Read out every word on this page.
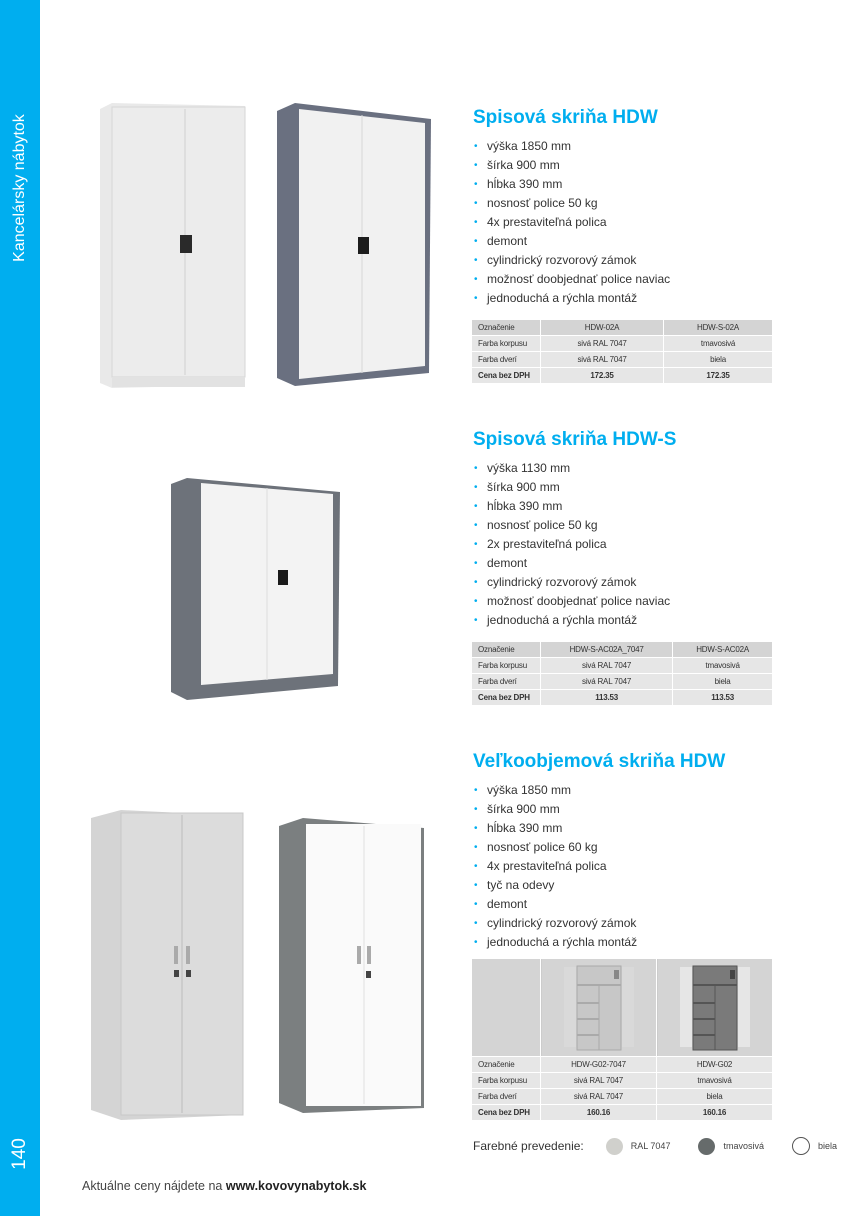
Kancelársky nábytok
140
Spisová skriňa HDW
• výška 1850 mm
• šírka 900 mm
• hĺbka 390 mm
• nosnosť police 50 kg
• 4x prestaviteľná polica
• demont
• cylindrický rozvorový zámok
• možnosť doobjednať police naviac
• jednoduchá a rýchla montáž
Označenie	HDW-02A	HDW-S-02A
Farba korpusu	sivá RAL 7047	tmavosivá
Farba dverí	sivá RAL 7047	biela
Cena bez DPH	172.35	172.35
Spisová skriňa HDW-S
• výška 1130 mm
• šírka 900 mm
• hĺbka 390 mm
• nosnosť police 50 kg
• 2x prestaviteľná polica
• demont
• cylindrický rozvorový zámok
• možnosť doobjednať police naviac
• jednoduchá a rýchla montáž
Označenie	HDW-S-AC02A_7047	HDW-S-AC02A
Farba korpusu	sivá RAL 7047	tmavosivá
Farba dverí	sivá RAL 7047	biela
Cena bez DPH	113.53	113.53
Veľkoobjemová skriňa HDW
• výška 1850 mm
• šírka 900 mm
• hĺbka 390 mm
• nosnosť police 60 kg
• 4x prestaviteľná polica
• tyč na odevy
• demont
• cylindrický rozvorový zámok
• jednoduchá a rýchla montáž

Označenie	HDW-G02-7047	HDW-G02
Farba korpusu	sivá RAL 7047	tmavosivá
Farba dverí	sivá RAL 7047	biela
Cena bez DPH	160.16	160.16
Farebné prevedenie:	RAL 7047	tmavosivá	biela
Aktuálne ceny nájdete na www.kovovynabytok.sk
